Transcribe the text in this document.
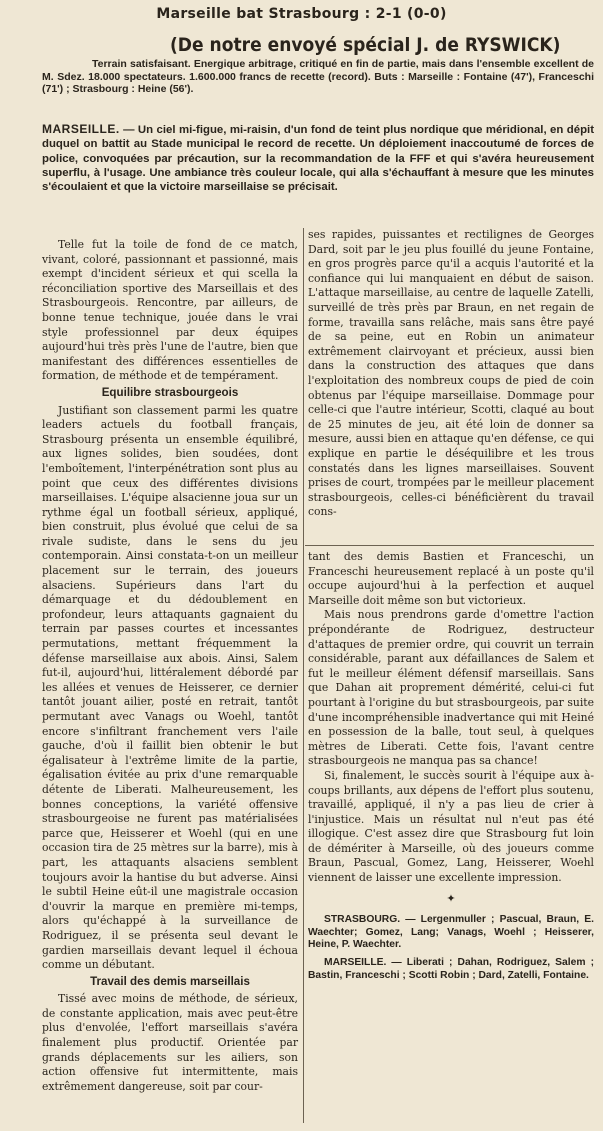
Marseille bat Strasbourg : 2-1 (0-0)
(De notre envoyé spécial J. de RYSWICK)
Terrain satisfaisant. Energique arbitrage, critiqué en fin de partie, mais dans l'ensemble excellent de M. Sdez. 18.000 spectateurs. 1.600.000 francs de recette (record). Buts : Marseille : Fontaine (47'), Franceschi (71') ; Strasbourg : Heine (56').
MARSEILLE. — Un ciel mi-figue, mi-raisin, d'un fond de teint plus nordique que méridional, en dépit duquel on battit au Stade municipal le record de recette. Un déploiement inaccoutumé de forces de police, convoquées par précaution, sur la recommandation de la FFF et qui s'avéra heureusement superflu, à l'usage. Une ambiance très couleur locale, qui alla s'échauffant à mesure que les minutes s'écoulaient et que la victoire marseillaise se précisait.

Telle fut la toile de fond de ce match, vivant, coloré, passionnant et passionné, mais exempt d'incident sérieux et qui scella la réconciliation sportive des Marseillais et des Strasbourgeois. Rencontre, par ailleurs, de bonne tenue technique, jouée dans le vrai style professionnel par deux équipes aujourd'hui très près l'une de l'autre, bien que manifestant des différences essentielles de formation, de méthode et de tempérament.

Equilibre strasbourgeois

Justifiant son classement parmi les quatre leaders actuels du football français, Strasbourg présenta un ensemble équilibré, aux lignes solides, bien soudées, dont l'emboîtement, l'interpénétration sont plus au point que ceux des différentes divisions marseillaises. L'équipe alsacienne joua sur un rythme égal un football sérieux, appliqué, bien construit, plus évolué que celui de sa rivale sudiste, dans le sens du jeu contemporain. Ainsi constata-t-on un meilleur placement sur le terrain, des joueurs alsaciens. Supérieurs dans l'art du démarquage et du dédoublement en profondeur, leurs attaquants gagnaient du terrain par passes courtes et incessantes permutations, mettant fréquemment la défense marseillaise aux abois. Ainsi, Salem fut-il, aujourd'hui, littéralement débordé par les allées et venues de Heisserer, ce dernier tantôt jouant ailier, posté en retrait, tantôt permutant avec Vanags ou Woehl, tantôt encore s'infiltrant franchement vers l'aile gauche, d'où il faillit bien obtenir le but égalisateur à l'extrême limite de la partie, égalisation évitée au prix d'une remarquable détente de Liberati. Malheureusement, les bonnes conceptions, la variété offensive strasbourgeoise ne furent pas matérialisées parce que, Heisserer et Woehl (qui en une occasion tira de 25 mètres sur la barre), mis à part, les attaquants alsaciens semblent toujours avoir la hantise du but adverse. Ainsi le subtil Heine eût-il une magistrale occasion d'ouvrir la marque en première mi-temps, alors qu'échappé à la surveillance de Rodriguez, il se présenta seul devant le gardien marseillais devant lequel il échoua comme un débutant.

Travail des demis marseillais

Tissé avec moins de méthode, de sérieux, de constante application, mais avec peut-être plus d'envolée, l'effort marseillais s'avéra finalement plus productif. Orientée par grands déplacements sur les ailiers, son action offensive fut intermittente, mais extrêmement dangereuse, soit par cour-

ses rapides, puissantes et rectilignes de Georges Dard, soit par le jeu plus fouillé du jeune Fontaine, en gros progrès parce qu'il a acquis l'autorité et la confiance qui lui manquaient en début de saison. L'attaque marseillaise, au centre de laquelle Zatelli, surveillé de très près par Braun, en net regain de forme, travailla sans relâche, mais sans être payé de sa peine, eut en Robin un animateur extrêmement clairvoyant et précieux, aussi bien dans la construction des attaques que dans l'exploitation des nombreux coups de pied de coin obtenus par l'équipe marseillaise. Dommage pour celle-ci que l'autre intérieur, Scotti, claqué au bout de 25 minutes de jeu, ait été loin de donner sa mesure, aussi bien en attaque qu'en défense, ce qui explique en partie le déséquilibre et les trous constatés dans les lignes marseillaises. Souvent prises de court, trompées par le meilleur placement strasbourgeois, celles-ci bénéficièrent du travail cons-

tant des demis Bastien et Franceschi, un Franceschi heureusement replacé à un poste qu'il occupe aujourd'hui à la perfection et auquel Marseille doit même son but victorieux.

Mais nous prendrons garde d'omettre l'action prépondérante de Rodriguez, destructeur d'attaques de premier ordre, qui couvrit un terrain considérable, parant aux défaillances de Salem et fut le meilleur élément défensif marseillais. Sans que Dahan ait proprement démérité, celui-ci fut pourtant à l'origine du but strasbourgeois, par suite d'une incompréhensible inadvertance qui mit Heiné en possession de la balle, tout seul, à quelques mètres de Liberati. Cette fois, l'avant centre strasbourgeois ne manqua pas sa chance!

Si, finalement, le succès sourit à l'équipe aux à-coups brillants, aux dépens de l'effort plus soutenu, travaillé, appliqué, il n'y a pas lieu de crier à l'injustice. Mais un résultat nul n'eut pas été illogique. C'est assez dire que Strasbourg fut loin de démériter à Marseille, où des joueurs comme Braun, Pascual, Gomez, Lang, Heisserer, Woehl viennent de laisser une excellente impression.

✦

STRASBOURG. — Lergenmuller ; Pascual, Braun, E. Waechter; Gomez, Lang; Vanags, Woehl ; Heisserer, Heine, P. Waechter.

MARSEILLE. — Liberati ; Dahan, Rodriguez, Salem ; Bastin, Franceschi ; Scotti Robin ; Dard, Zatelli, Fontaine.
